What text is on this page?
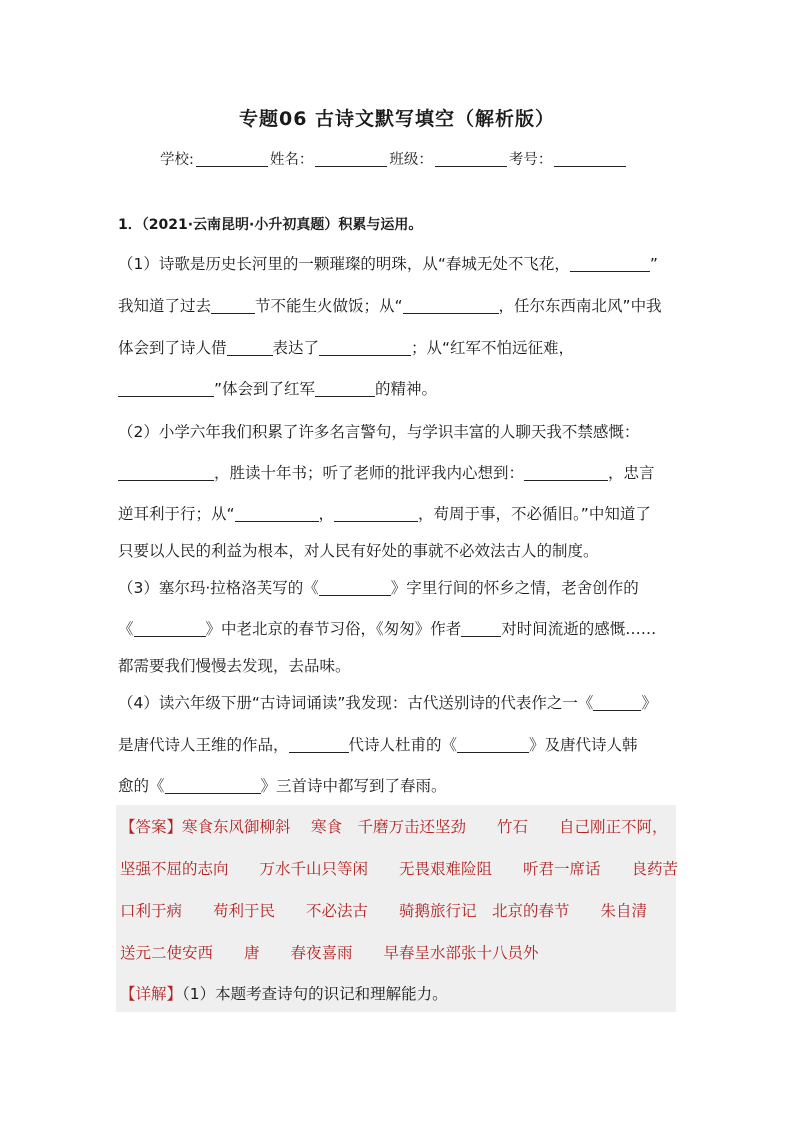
专题06 古诗文默写填空（解析版）
学校:	姓名：	班级：	考号：
1．（2021·云南昆明·小升初真题）积累与运用。
（1）诗歌是历史长河里的一颗璀璨的明珠，从“春城无处不飞花，	”
我知道了过去	节不能生火做饭；从“	，任尔东西南北风”中我
体会到了诗人借	表达了	；从“红军不怕远征难，
”体会到了红军	的精神。
（2）小学六年我们积累了许多名言警句，与学识丰富的人聊天我不禁感慨：
，胜读十年书；听了老师的批评我内心想到：	，忠言
逆耳利于行；从“	，	，苟周于事，不必循旧。”中知道了
只要以人民的利益为根本，对人民有好处的事就不必效法古人的制度。
（3）塞尔玛·拉格洛芙写的《	》字里行间的怀乡之情，老舍创作的
《	》中老北京的春节习俗，《匆匆》作者	对时间流逝的感慨……
都需要我们慢慢去发现，去品味。
（4）读六年级下册“古诗词诵读”我发现：古代送别诗的代表作之一《	》
是唐代诗人王维的作品，	代诗人杜甫的《	》及唐代诗人韩
愈的《	》三首诗中都写到了春雨。
【答案】寒食东风御柳斜　 寒食　千磨万击还坚劲　　竹石　　自己刚正不阿，
坚强不屈的志向　　万水千山只等闲　　无畏艰难险阻　　听君一席话　　良药苦
口利于病　　苟利于民　　不必法古　　骑鹅旅行记　北京的春节　　朱自清
送元二使安西　　唐　　春夜喜雨　　早春呈水部张十八员外
【详解】（1）本题考查诗句的识记和理解能力。
